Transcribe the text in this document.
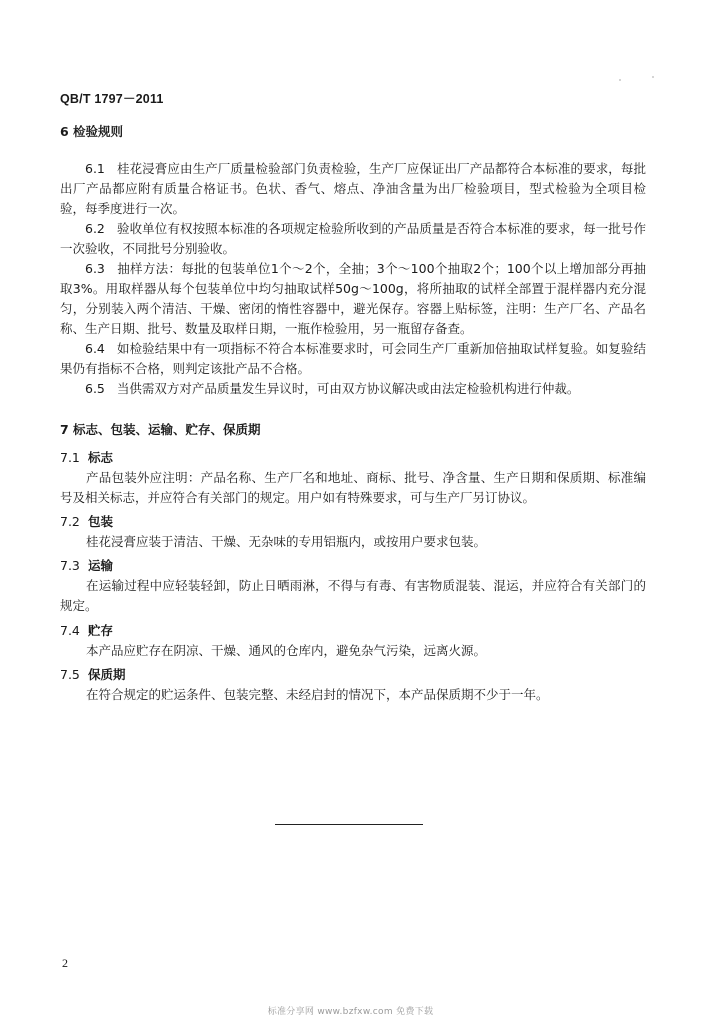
QB/T 1797－2011
6 检验规则

6.1 桂花浸膏应由生产厂质量检验部门负责检验，生产厂应保证出厂产品都符合本标准的要求，每批出厂产品都应附有质量合格证书。色状、香气、熔点、净油含量为出厂检验项目，型式检验为全项目检验，每季度进行一次。

6.2 验收单位有权按照本标准的各项规定检验所收到的产品质量是否符合本标准的要求，每一批号作一次验收，不同批号分别验收。

6.3 抽样方法：每批的包装单位1个～2个，全抽；3个～100个抽取2个；100个以上增加部分再抽取3%。用取样器从每个包装单位中均匀抽取试样50g～100g，将所抽取的试样全部置于混样器内充分混匀，分别装入两个清洁、干燥、密闭的惰性容器中，避光保存。容器上贴标签，注明：生产厂名、产品名称、生产日期、批号、数量及取样日期，一瓶作检验用，另一瓶留存备查。

6.4 如检验结果中有一项指标不符合本标准要求时，可会同生产厂重新加倍抽取试样复验。如复验结果仍有指标不合格，则判定该批产品不合格。

6.5 当供需双方对产品质量发生异议时，可由双方协议解决或由法定检验机构进行仲裁。

7 标志、包装、运输、贮存、保质期
7.1 标志

产品包装外应注明：产品名称、生产厂名和地址、商标、批号、净含量、生产日期和保质期、标准编号及相关标志，并应符合有关部门的规定。用户如有特殊要求，可与生产厂另订协议。

7.2 包装

桂花浸膏应装于清洁、干燥、无杂味的专用铝瓶内，或按用户要求包装。

7.3 运输

在运输过程中应轻装轻卸，防止日晒雨淋，不得与有毒、有害物质混装、混运，并应符合有关部门的规定。

7.4 贮存

本产品应贮存在阴凉、干燥、通风的仓库内，避免杂气污染，远离火源。

7.5 保质期

在符合规定的贮运条件、包装完整、未经启封的情况下，本产品保质期不少于一年。

2
标准分享网 www.bzfxw.com 免费下载
